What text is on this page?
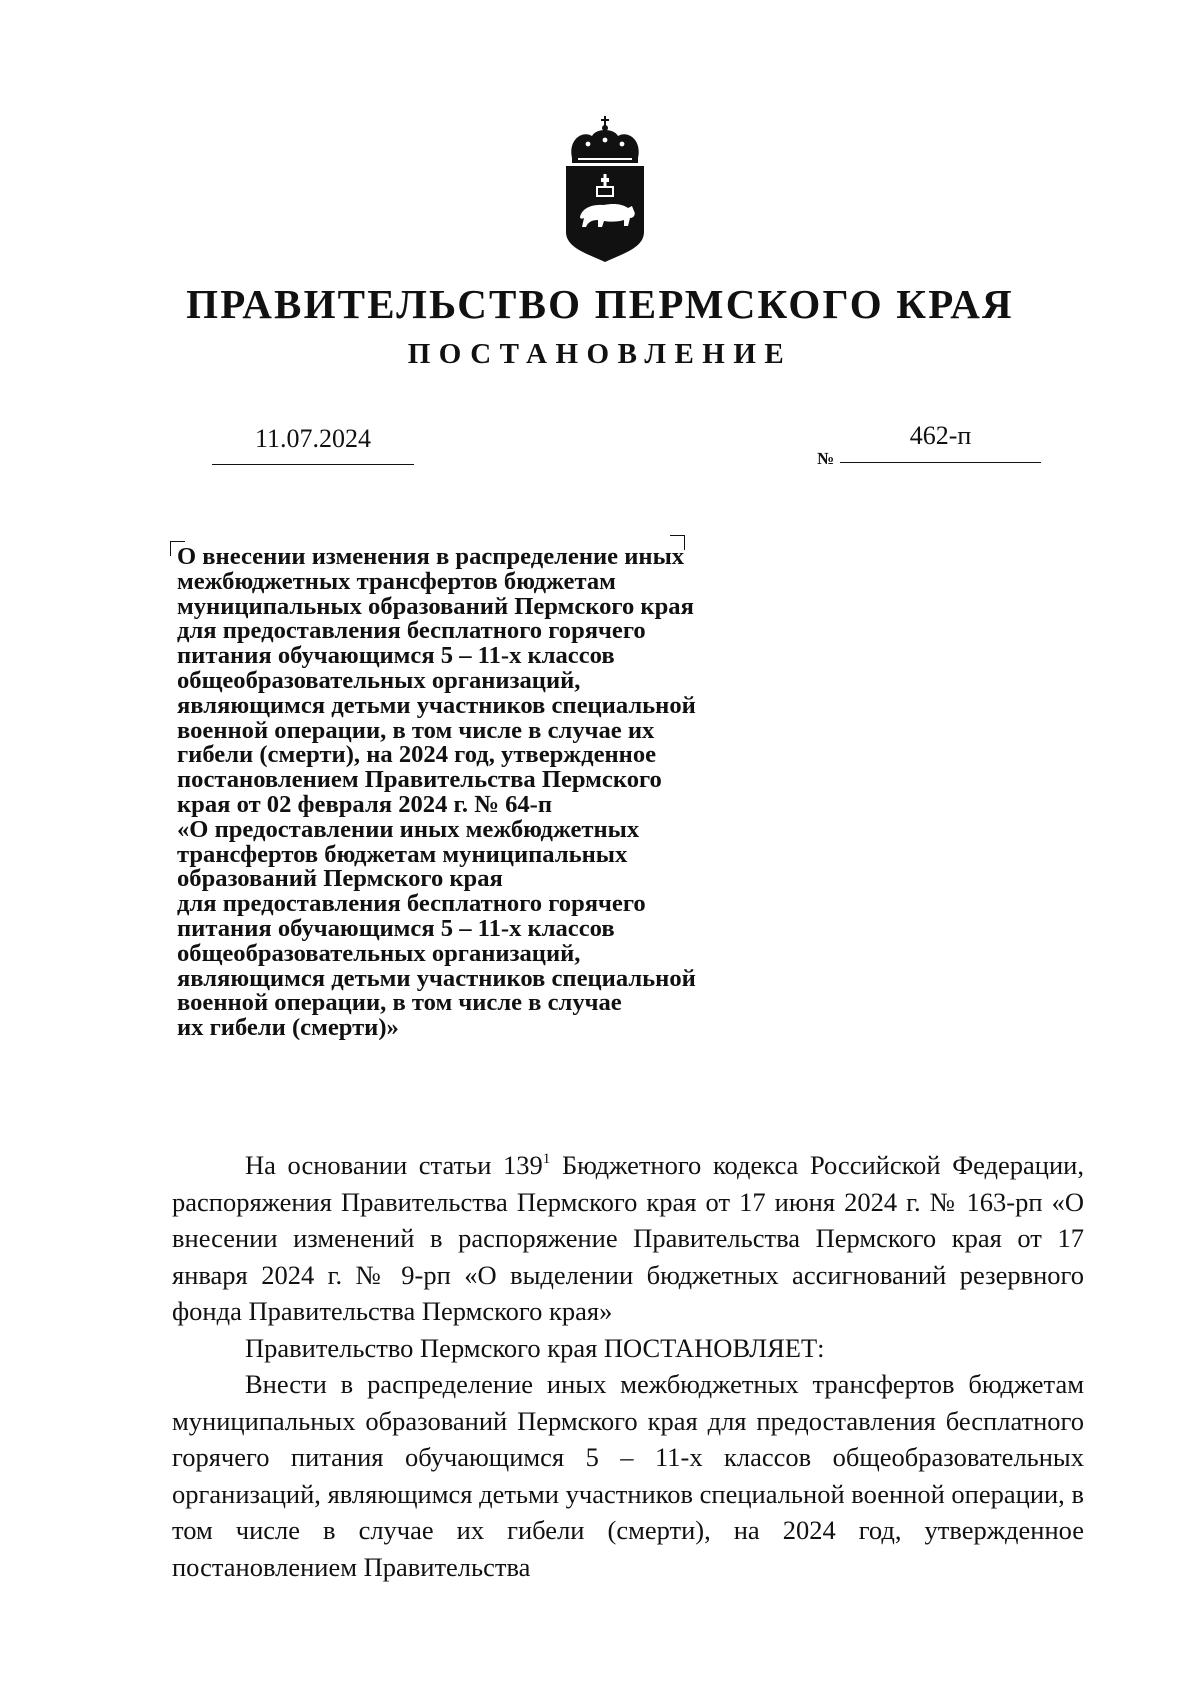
ПРАВИТЕЛЬСТВО ПЕРМСКОГО КРАЯ
ПОСТАНОВЛЕНИЕ
11.07.2024
№
462-п
О внесении изменения в распределение иных
межбюджетных трансфертов бюджетам
муниципальных образований Пермского края
для предоставления бесплатного горячего
питания обучающимся 5 – 11-х классов
общеобразовательных организаций,
являющимся детьми участников специальной
военной операции, в том числе в случае их
гибели (смерти), на 2024 год, утвержденное
постановлением Правительства Пермского
края от 02 февраля 2024 г. № 64-п
«О предоставлении иных межбюджетных
трансфертов бюджетам муниципальных
образований Пермского края
для предоставления бесплатного горячего
питания обучающимся 5 – 11-х классов
общеобразовательных организаций,
являющимся детьми участников специальной
военной операции, в том числе в случае
их гибели (смерти)»

На основании статьи $139^1$ Бюджетного кодекса Российской Федерации, распоряжения Правительства Пермского края от 17 июня 2024 г. № 163-рп «О внесении изменений в распоряжение Правительства Пермского края от 17 января 2024 г. № 9-рп «О выделении бюджетных ассигнований резервного фонда Правительства Пермского края»

Правительство Пермского края ПОСТАНОВЛЯЕТ:

Внести в распределение иных межбюджетных трансфертов бюджетам муниципальных образований Пермского края для предоставления бесплатного горячего питания обучающимся 5 – 11-х классов общеобразовательных организаций, являющимся детьми участников специальной военной операции, в том числе в случае их гибели (смерти), на 2024 год, утвержденное постановлением Правительства
